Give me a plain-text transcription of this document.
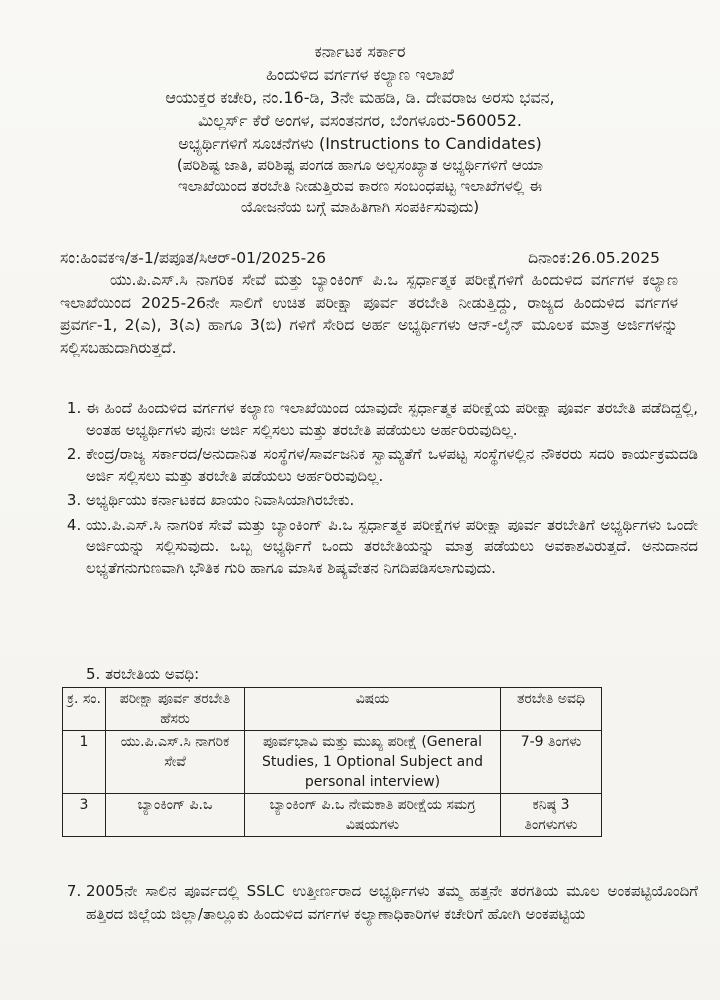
ಕರ್ನಾಟಕ ಸರ್ಕಾರ
ಹಿಂದುಳಿದ ವರ್ಗಗಳ ಕಲ್ಯಾಣ ಇಲಾಖೆ
ಆಯುಕ್ತರ ಕಚೇರಿ, ನಂ.16-ಡಿ, 3ನೇ ಮಹಡಿ, ಡಿ. ದೇವರಾಜ ಅರಸು ಭವನ,
ಮಿಲ್ಲರ್ಸ್ ಕೆರೆ ಅಂಗಳ, ವಸಂತನಗರ, ಬೆಂಗಳೂರು-560052.
ಅಭ್ಯರ್ಥಿಗಳಿಗೆ ಸೂಚನೆಗಳು (Instructions to Candidates)
(ಪರಿಶಿಷ್ಟ ಜಾತಿ, ಪರಿಶಿಷ್ಟ ಪಂಗಡ ಹಾಗೂ ಅಲ್ಪಸಂಖ್ಯಾತ ಅಭ್ಯರ್ಥಿಗಳಿಗೆ ಆಯಾ
ಇಲಾಖೆಯಿಂದ ತರಬೇತಿ ನೀಡುತ್ತಿರುವ ಕಾರಣ ಸಂಬಂಧಪಟ್ಟ ಇಲಾಖೆಗಳಲ್ಲಿ ಈ
ಯೋಜನೆಯ ಬಗ್ಗೆ ಮಾಹಿತಿಗಾಗಿ ಸಂಪರ್ಕಿಸುವುದು)
ಸಂ:ಹಿಂವಕಇ/ತ-1/ಪಪೂತ/ಸಿಆರ್-01/2025-26	ದಿನಾಂಕ:26.05.2025

ಯು.ಪಿ.ಎಸ್.ಸಿ ನಾಗರಿಕ ಸೇವೆ ಮತ್ತು ಬ್ಯಾಂಕಿಂಗ್ ಪಿ.ಒ ಸ್ಪರ್ಧಾತ್ಮಕ ಪರೀಕ್ಷೆಗಳಿಗೆ ಹಿಂದುಳಿದ ವರ್ಗಗಳ ಕಲ್ಯಾಣ ಇಲಾಖೆಯಿಂದ 2025-26ನೇ ಸಾಲಿಗೆ ಉಚಿತ ಪರೀಕ್ಷಾ ಪೂರ್ವ ತರಬೇತಿ ನೀಡುತ್ತಿದ್ದು, ರಾಜ್ಯದ ಹಿಂದುಳಿದ ವರ್ಗಗಳ ಪ್ರವರ್ಗ-1, 2(ಎ), 3(ಎ) ಹಾಗೂ 3(ಬಿ) ಗಳಿಗೆ ಸೇರಿದ ಅರ್ಹ ಅಭ್ಯರ್ಥಿಗಳು ಆನ್-ಲೈನ್ ಮೂಲಕ ಮಾತ್ರ ಅರ್ಜಿಗಳನ್ನು ಸಲ್ಲಿಸಬಹುದಾಗಿರುತ್ತದೆ.

1. ಈ ಹಿಂದೆ ಹಿಂದುಳಿದ ವರ್ಗಗಳ ಕಲ್ಯಾಣ ಇಲಾಖೆಯಿಂದ ಯಾವುದೇ ಸ್ಪರ್ಧಾತ್ಮಕ ಪರೀಕ್ಷೆಯ ಪರೀಕ್ಷಾ ಪೂರ್ವ ತರಬೇತಿ ಪಡೆದಿದ್ದಲ್ಲಿ, ಅಂತಹ ಅಭ್ಯರ್ಥಿಗಳು ಪುನಃ ಅರ್ಜಿ ಸಲ್ಲಿಸಲು ಮತ್ತು ತರಬೇತಿ ಪಡೆಯಲು ಅರ್ಹರಿರುವುದಿಲ್ಲ.
2. ಕೇಂದ್ರ/ರಾಜ್ಯ ಸರ್ಕಾರದ/ಅನುದಾನಿತ ಸಂಸ್ಥೆಗಳ/ಸಾರ್ವಜನಿಕ ಸ್ವಾಮ್ಯತೆಗೆ ಒಳಪಟ್ಟ ಸಂಸ್ಥೆಗಳಲ್ಲಿನ ನೌಕರರು ಸದರಿ ಕಾರ್ಯಕ್ರಮದಡಿ ಅರ್ಜಿ ಸಲ್ಲಿಸಲು ಮತ್ತು ತರಬೇತಿ ಪಡೆಯಲು ಅರ್ಹರಿರುವುದಿಲ್ಲ.
3. ಅಭ್ಯರ್ಥಿಯು ಕರ್ನಾಟಕದ ಖಾಯಂ ನಿವಾಸಿಯಾಗಿರಬೇಕು.
4. ಯು.ಪಿ.ಎಸ್.ಸಿ ನಾಗರಿಕ ಸೇವೆ ಮತ್ತು ಬ್ಯಾಂಕಿಂಗ್ ಪಿ.ಒ ಸ್ಪರ್ಧಾತ್ಮಕ ಪರೀಕ್ಷೆಗಳ ಪರೀಕ್ಷಾ ಪೂರ್ವ ತರಬೇತಿಗೆ ಅಭ್ಯರ್ಥಿಗಳು ಒಂದೇ ಅರ್ಜಿಯನ್ನು ಸಲ್ಲಿಸುವುದು. ಒಬ್ಬ ಅಭ್ಯರ್ಥಿಗೆ ಒಂದು ತರಬೇತಿಯನ್ನು ಮಾತ್ರ ಪಡೆಯಲು ಅವಕಾಶವಿರುತ್ತದೆ. ಅನುದಾನದ ಲಭ್ಯತೆಗನುಗುಣವಾಗಿ ಭೌತಿಕ ಗುರಿ ಹಾಗೂ ಮಾಸಿಕ ಶಿಷ್ಯವೇತನ ನಿಗದಿಪಡಿಸಲಾಗುವುದು.
5. ತರಬೇತಿಯ ಅವಧಿ:
ಕ್ರ. ಸಂ.	ಪರೀಕ್ಷಾ ಪೂರ್ವ ತರಬೇತಿ ಹೆಸರು	ವಿಷಯ	ತರಬೇತಿ ಅವಧಿ
1	ಯು.ಪಿ.ಎಸ್.ಸಿ ನಾಗರಿಕ ಸೇವೆ	ಪೂರ್ವಭಾವಿ ಮತ್ತು ಮುಖ್ಯ ಪರೀಕ್ಷೆ (General Studies, 1 Optional Subject and personal interview)	7-9 ತಿಂಗಳು
3	ಬ್ಯಾಂಕಿಂಗ್ ಪಿ.ಒ	ಬ್ಯಾಂಕಿಂಗ್ ಪಿ.ಒ ನೇಮಕಾತಿ ಪರೀಕ್ಷೆಯ ಸಮಗ್ರ ವಿಷಯಗಳು	ಕನಿಷ್ಠ 3 ತಿಂಗಳುಗಳು
7. 2005ನೇ ಸಾಲಿನ ಪೂರ್ವದಲ್ಲಿ SSLC ಉತ್ತೀರ್ಣರಾದ ಅಭ್ಯರ್ಥಿಗಳು ತಮ್ಮ ಹತ್ತನೇ ತರಗತಿಯ ಮೂಲ ಅಂಕಪಟ್ಟಿಯೊಂದಿಗೆ ಹತ್ತಿರದ ಜಿಲ್ಲೆಯ ಜಿಲ್ಲಾ/ತಾಲ್ಲೂಕು ಹಿಂದುಳಿದ ವರ್ಗಗಳ ಕಲ್ಯಾಣಾಧಿಕಾರಿಗಳ ಕಚೇರಿಗೆ ಹೋಗಿ ಅಂಕಪಟ್ಟಿಯ
